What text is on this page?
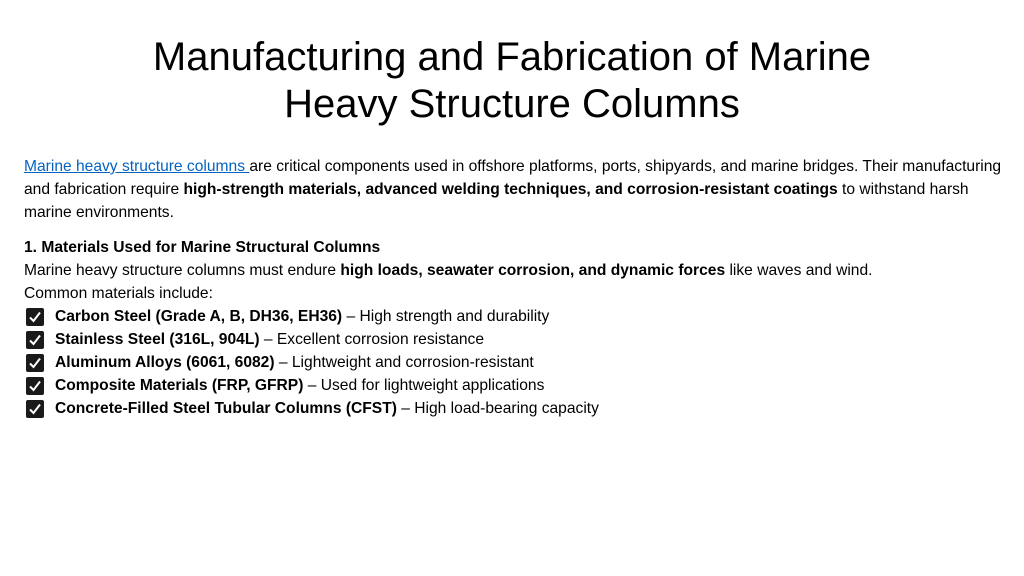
Manufacturing and Fabrication of Marine
Heavy Structure Columns

Marine heavy structure columns are critical components used in offshore platforms, ports, shipyards, and marine bridges. Their manufacturing and fabrication require high-strength materials, advanced welding techniques, and corrosion-resistant coatings to withstand harsh marine environments.

1. Materials Used for Marine Structural Columns

Marine heavy structure columns must endure high loads, seawater corrosion, and dynamic forces like waves and wind.

Common materials include:

Carbon Steel (Grade A, B, DH36, EH36) – High strength and durability
Stainless Steel (316L, 904L) – Excellent corrosion resistance
Aluminum Alloys (6061, 6082) – Lightweight and corrosion-resistant
Composite Materials (FRP, GFRP) – Used for lightweight applications
Concrete-Filled Steel Tubular Columns (CFST) – High load-bearing capacity
